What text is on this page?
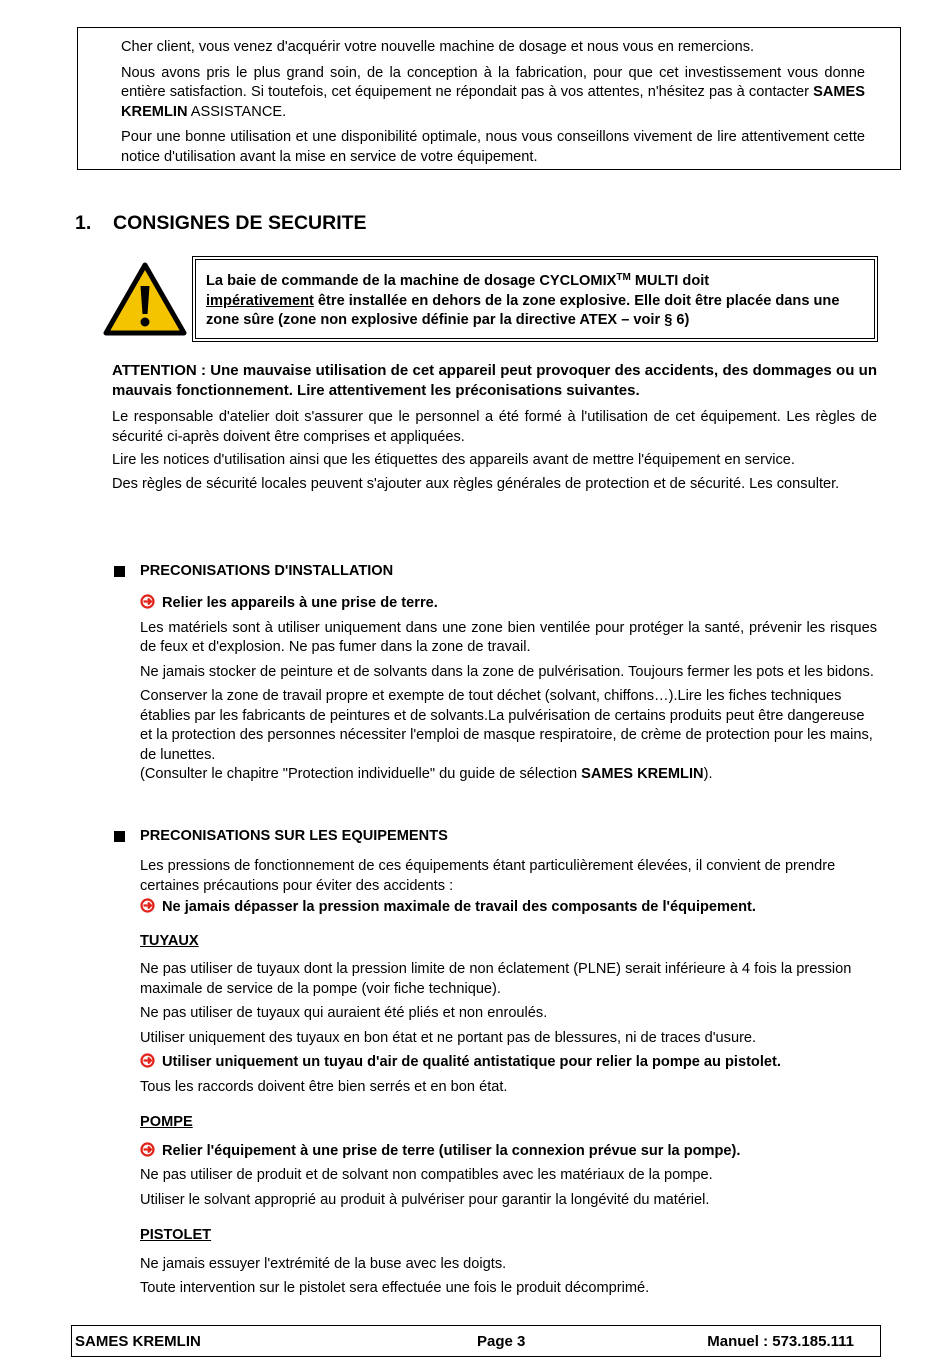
Cher client, vous venez d'acquérir votre nouvelle machine de dosage et nous vous en remercions.

Nous avons pris le plus grand soin, de la conception à la fabrication, pour que cet investissement vous donne entière satisfaction. Si toutefois, cet équipement ne répondait pas à vos attentes, n'hésitez pas à contacter SAMES KREMLIN ASSISTANCE.

Pour une bonne utilisation et une disponibilité optimale, nous vous conseillons vivement de lire attentivement cette notice d'utilisation avant la mise en service de votre équipement.

1. CONSIGNES DE SECURITE
La baie de commande de la machine de dosage CYCLOMIX™ MULTI doit
impérativement être installée en dehors de la zone explosive. Elle doit être placée dans une zone sûre (zone non explosive définie par la directive ATEX – voir § 6)

ATTENTION : Une mauvaise utilisation de cet appareil peut provoquer des accidents, des dommages ou un mauvais fonctionnement. Lire attentivement les préconisations suivantes.

Le responsable d'atelier doit s'assurer que le personnel a été formé à l'utilisation de cet équipement. Les règles de sécurité ci-après doivent être comprises et appliquées.

Lire les notices d'utilisation ainsi que les étiquettes des appareils avant de mettre l'équipement en service.

Des règles de sécurité locales peuvent s'ajouter aux règles générales de protection et de sécurité. Les consulter.

PRECONISATIONS D'INSTALLATION
Relier les appareils à une prise de terre.

Les matériels sont à utiliser uniquement dans une zone bien ventilée pour protéger la santé, prévenir les risques de feux et d'explosion. Ne pas fumer dans la zone de travail.

Ne jamais stocker de peinture et de solvants dans la zone de pulvérisation. Toujours fermer les pots et les bidons.

Conserver la zone de travail propre et exempte de tout déchet (solvant, chiffons…).Lire les fiches techniques établies par les fabricants de peintures et de solvants.La pulvérisation de certains produits peut être dangereuse et la protection des personnes nécessiter l'emploi de masque respiratoire, de crème de protection pour les mains, de lunettes.
(Consulter le chapitre "Protection individuelle" du guide de sélection SAMES KREMLIN).

PRECONISATIONS SUR LES EQUIPEMENTS

Les pressions de fonctionnement de ces équipements étant particulièrement élevées, il convient de prendre certaines précautions pour éviter des accidents :

Ne jamais dépasser la pression maximale de travail des composants de l'équipement.
TUYAUX

Ne pas utiliser de tuyaux dont la pression limite de non éclatement (PLNE) serait inférieure à 4 fois la pression maximale de service de la pompe (voir fiche technique).

Ne pas utiliser de tuyaux qui auraient été pliés et non enroulés.

Utiliser uniquement des tuyaux en bon état et ne portant pas de blessures, ni de traces d'usure.

Utiliser uniquement un tuyau d'air de qualité antistatique pour relier la pompe au pistolet.

Tous les raccords doivent être bien serrés et en bon état.

POMPE
Relier l'équipement à une prise de terre (utiliser la connexion prévue sur la pompe).

Ne pas utiliser de produit et de solvant non compatibles avec les matériaux de la pompe.

Utiliser le solvant approprié au produit à pulvériser pour garantir la longévité du matériel.

PISTOLET

Ne jamais essuyer l'extrémité de la buse avec les doigts.

Toute intervention sur le pistolet sera effectuée une fois le produit décomprimé.

SAMES KREMLIN	Page 3	Manuel : 573.185.111
